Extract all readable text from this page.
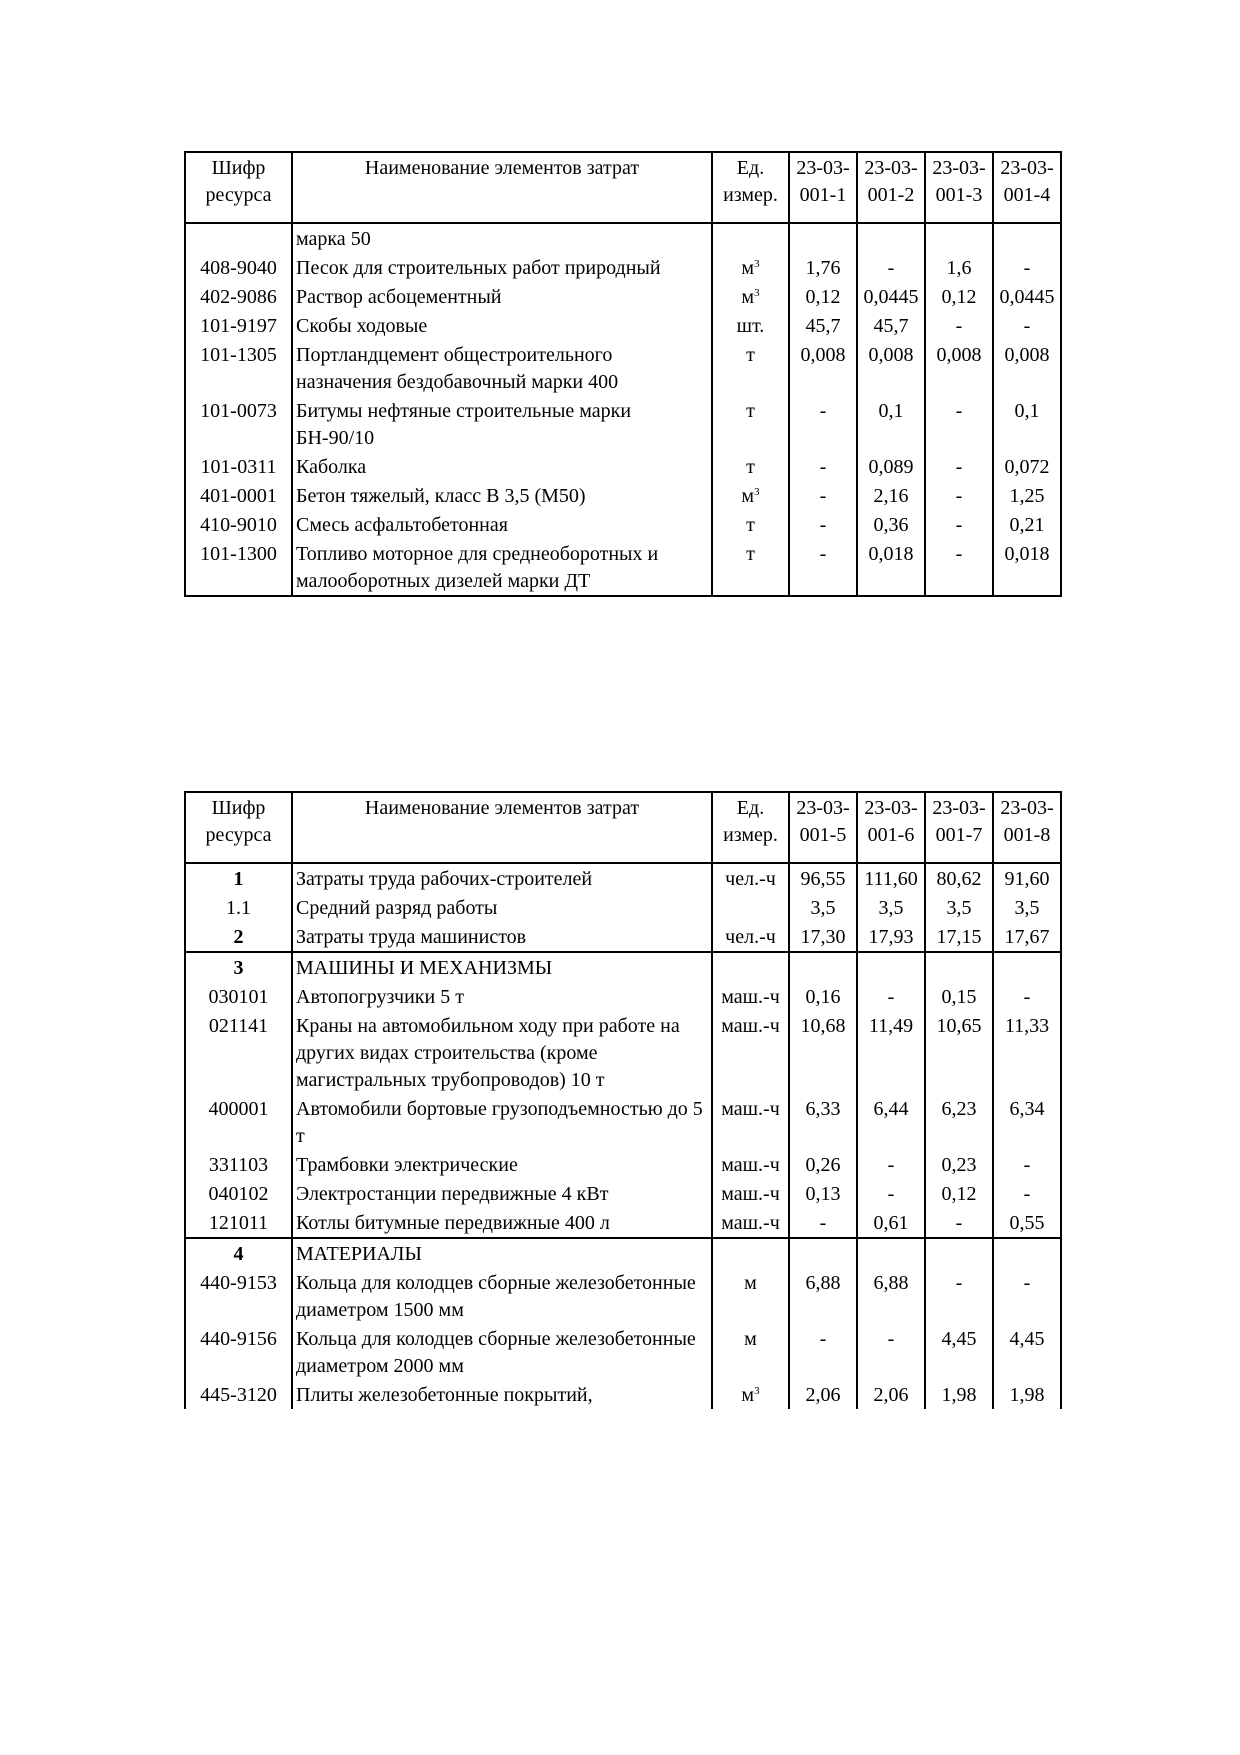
Шифр ресурса	Наименование элементов затрат	Ед. измер.	23-03-001-1	23-03-001-2	23-03-001-3	23-03-001-4
	марка 50					
408-9040	Песок для строительных работ природный	$м^3$	1,76	-	1,6	-
402-9086	Раствор асбоцементный	$м^3$	0,12	0,0445	0,12	0,0445
101-9197	Скобы ходовые	шт.	45,7	45,7	-	-
101-1305	Портландцемент общестроительного назначения бездобавочный марки 400	т	0,008	0,008	0,008	0,008
101-0073	Битумы нефтяные строительные марки БН-90/10	т	-	0,1	-	0,1
101-0311	Каболка	т	-	0,089	-	0,072
401-0001	Бетон тяжелый, класс В 3,5 (М50)	$м^3$	-	2,16	-	1,25
410-9010	Смесь асфальтобетонная	т	-	0,36	-	0,21
101-1300	Топливо моторное для среднеоборотных и малооборотных дизелей марки ДТ	т	-	0,018	-	0,018
Шифр ресурса	Наименование элементов затрат	Ед. измер.	23-03-001-5	23-03-001-6	23-03-001-7	23-03-001-8
1	Затраты труда рабочих-строителей	чел.-ч	96,55	111,60	80,62	91,60
1.1	Средний разряд работы		3,5	3,5	3,5	3,5
2	Затраты труда машинистов	чел.-ч	17,30	17,93	17,15	17,67
3	МАШИНЫ И МЕХАНИЗМЫ					
030101	Автопогрузчики 5 т	маш.-ч	0,16	-	0,15	-
021141	Краны на автомобильном ходу при работе на других видах строительства (кроме магистральных трубопроводов) 10 т	маш.-ч	10,68	11,49	10,65	11,33
400001	Автомобили бортовые грузоподъемностью до 5 т	маш.-ч	6,33	6,44	6,23	6,34
331103	Трамбовки электрические	маш.-ч	0,26	-	0,23	-
040102	Электростанции передвижные 4 кВт	маш.-ч	0,13	-	0,12	-
121011	Котлы битумные передвижные 400 л	маш.-ч	-	0,61	-	0,55
4	МАТЕРИАЛЫ					
440-9153	Кольца для колодцев сборные железобетонные диаметром 1500 мм	м	6,88	6,88	-	-
440-9156	Кольца для колодцев сборные железобетонные диаметром 2000 мм	м	-	-	4,45	4,45
445-3120	Плиты железобетонные покрытий,	$м^3$	2,06	2,06	1,98	1,98
